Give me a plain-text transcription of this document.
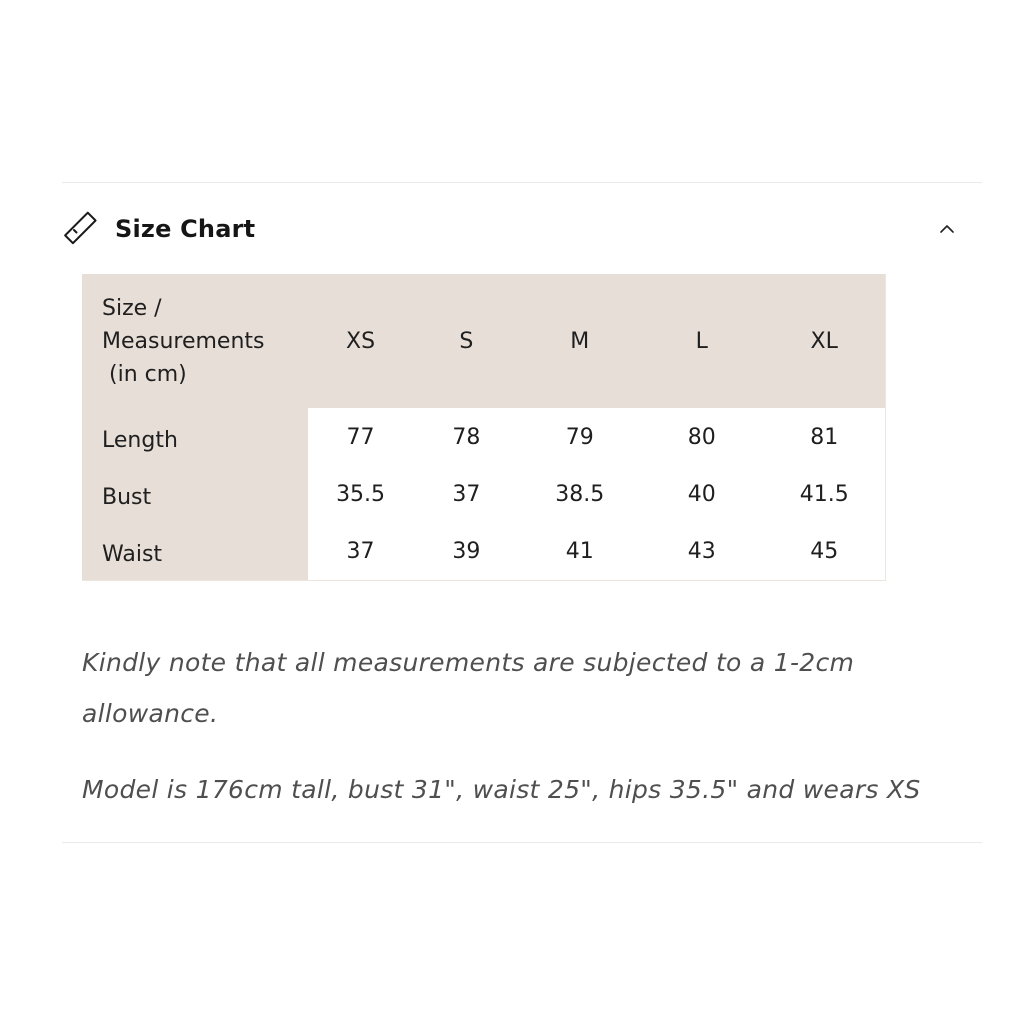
Size Chart
Size /
Measurements
(in cm)	XS	S	M	L	XL
Length	77	78	79	80	81
Bust	35.5	37	38.5	40	41.5
Waist	37	39	41	43	45

Kindly note that all measurements are subjected to a 1-2cm allowance.

Model is 176cm tall, bust 31", waist 25", hips 35.5" and wears XS
